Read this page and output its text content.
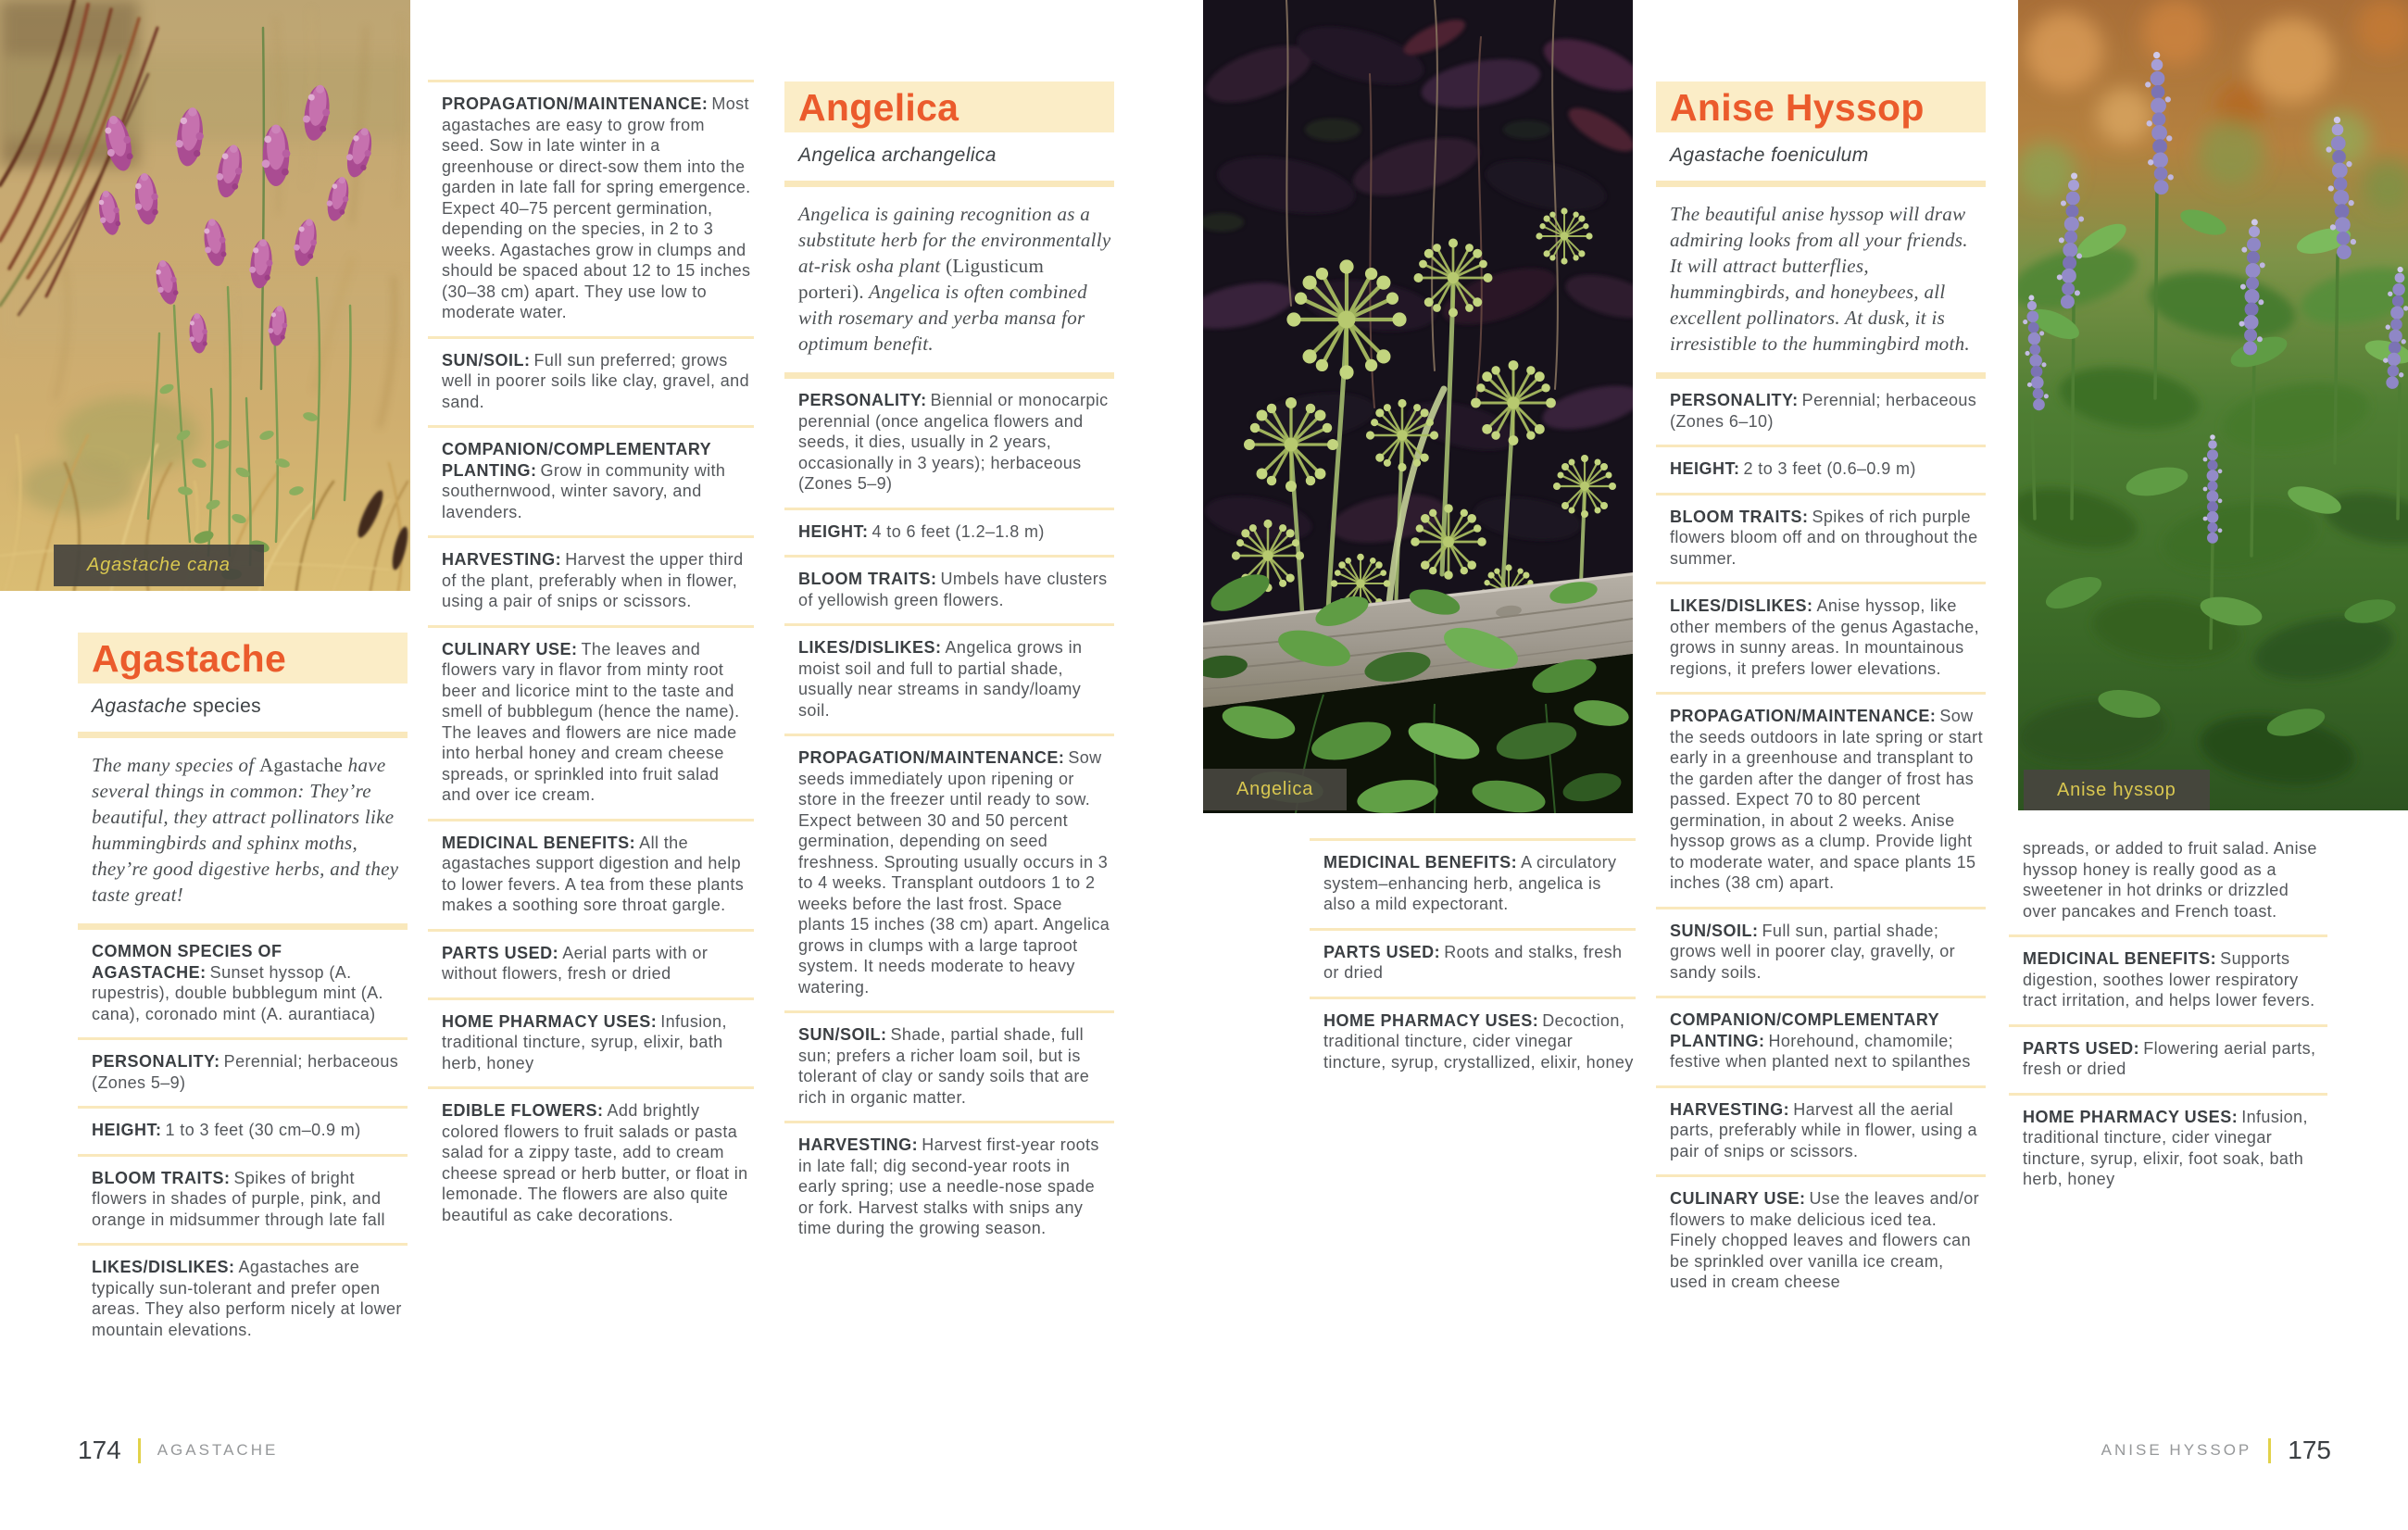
Agastache cana
Angelica	Anise hyssop
Agastache
Agastache species
The many species of Agastache have several things in common: They’re beautiful, they attract pollinators like hummingbirds and sphinx moths, they’re good digestive herbs, and they taste great!
COMMON SPECIES OF AGASTACHE: Sunset hyssop (A. rupestris), double bubblegum mint (A. cana), coronado mint (A. aurantiaca)
PERSONALITY: Perennial; herbaceous (Zones 5–9)
HEIGHT: 1 to 3 feet (30 cm–0.9 m)
BLOOM TRAITS: Spikes of bright flowers in shades of purple, pink, and orange in midsummer through late fall
LIKES/DISLIKES: Agastaches are typically sun-tolerant and prefer open areas. They also perform nicely at lower mountain elevations.
PROPAGATION/MAINTENANCE: Most agastaches are easy to grow from seed. Sow in late winter in a greenhouse or direct-sow them into the garden in late fall for spring emergence. Expect 40–75 percent germination, depending on the species, in 2 to 3 weeks. Agastaches grow in clumps and should be spaced about 12 to 15 inches (30–38 cm) apart. They use low to moderate water.
SUN/SOIL: Full sun preferred; grows well in poorer soils like clay, gravel, and sand.
COMPANION/COMPLEMENTARY PLANTING: Grow in community with southernwood, winter savory, and lavenders.
HARVESTING: Harvest the upper third of the plant, preferably when in flower, using a pair of snips or scissors.
CULINARY USE: The leaves and flowers vary in flavor from minty root beer and licorice mint to the taste and smell of bubblegum (hence the name). The leaves and flowers are nice made into herbal honey and cream cheese spreads, or sprinkled into fruit salad and over ice cream.
MEDICINAL BENEFITS: All the agastaches support digestion and help to lower fevers. A tea from these plants makes a soothing sore throat gargle.
PARTS USED: Aerial parts with or without flowers, fresh or dried
HOME PHARMACY USES: Infusion, traditional tincture, syrup, elixir, bath herb, honey
EDIBLE FLOWERS: Add brightly colored flowers to fruit salads or pasta salad for a zippy taste, add to cream cheese spread or herb butter, or float in lemonade. The flowers are also quite beautiful as cake decorations.
Angelica
Angelica archangelica
Angelica is gaining recognition as a substitute herb for the environmentally at-risk osha plant (Ligusticum porteri). Angelica is often combined with rosemary and yerba mansa for optimum benefit.
PERSONALITY: Biennial or monocarpic perennial (once angelica flowers and seeds, it dies, usually in 2 years, occasionally in 3 years); herbaceous (Zones 5–9)
HEIGHT: 4 to 6 feet (1.2–1.8 m)
BLOOM TRAITS: Umbels have clusters of yellowish green flowers.
LIKES/DISLIKES: Angelica grows in moist soil and full to partial shade, usually near streams in sandy/loamy soil.
PROPAGATION/MAINTENANCE: Sow seeds immediately upon ripening or store in the freezer until ready to sow. Expect between 30 and 50 percent germination, depending on seed freshness. Sprouting usually occurs in 3 to 4 weeks. Transplant outdoors 1 to 2 weeks before the last frost. Space plants 15 inches (38 cm) apart. Angelica grows in clumps with a large taproot system. It needs moderate to heavy watering.
SUN/SOIL: Shade, partial shade, full sun; prefers a richer loam soil, but is tolerant of clay or sandy soils that are rich in organic matter.
HARVESTING: Harvest first-year roots in late fall; dig second-year roots in early spring; use a needle-nose spade or fork. Harvest stalks with snips any time during the growing season.
MEDICINAL BENEFITS: A circulatory system–enhancing herb, angelica is also a mild expectorant.
PARTS USED: Roots and stalks, fresh or dried
HOME PHARMACY USES: Decoction, traditional tincture, cider vinegar tincture, syrup, crystallized, elixir, honey
Anise Hyssop
Agastache foeniculum
The beautiful anise hyssop will draw admiring looks from all your friends. It will attract butterflies, hummingbirds, and honeybees, all excellent pollinators. At dusk, it is irresistible to the hummingbird moth.
PERSONALITY: Perennial; herbaceous (Zones 6–10)
HEIGHT: 2 to 3 feet (0.6–0.9 m)
BLOOM TRAITS: Spikes of rich purple flowers bloom off and on throughout the summer.
LIKES/DISLIKES: Anise hyssop, like other members of the genus Agastache, grows in sunny areas. In mountainous regions, it prefers lower elevations.
PROPAGATION/MAINTENANCE: Sow the seeds outdoors in late spring or start early in a greenhouse and transplant to the garden after the danger of frost has passed. Expect 70 to 80 percent germination, in about 2 weeks. Anise hyssop grows as a clump. Provide light to moderate water, and space plants 15 inches (38 cm) apart.
SUN/SOIL: Full sun, partial shade; grows well in poorer clay, gravelly, or sandy soils.
COMPANION/COMPLEMENTARY PLANTING: Horehound, chamomile; festive when planted next to spilanthes
HARVESTING: Harvest all the aerial parts, preferably while in flower, using a pair of snips or scissors.
CULINARY USE: Use the leaves and/or flowers to make delicious iced tea. Finely chopped leaves and flowers can be sprinkled over vanilla ice cream, used in cream cheese
spreads, or added to fruit salad. Anise hyssop honey is really good as a sweetener in hot drinks or drizzled over pancakes and French toast.
MEDICINAL BENEFITS: Supports digestion, soothes lower respiratory tract irritation, and helps lower fevers.
PARTS USED: Flowering aerial parts, fresh or dried
HOME PHARMACY USES: Infusion, traditional tincture, cider vinegar tincture, syrup, elixir, foot soak, bath herb, honey
174 AGASTACHE	ANISE HYSSOP 175
